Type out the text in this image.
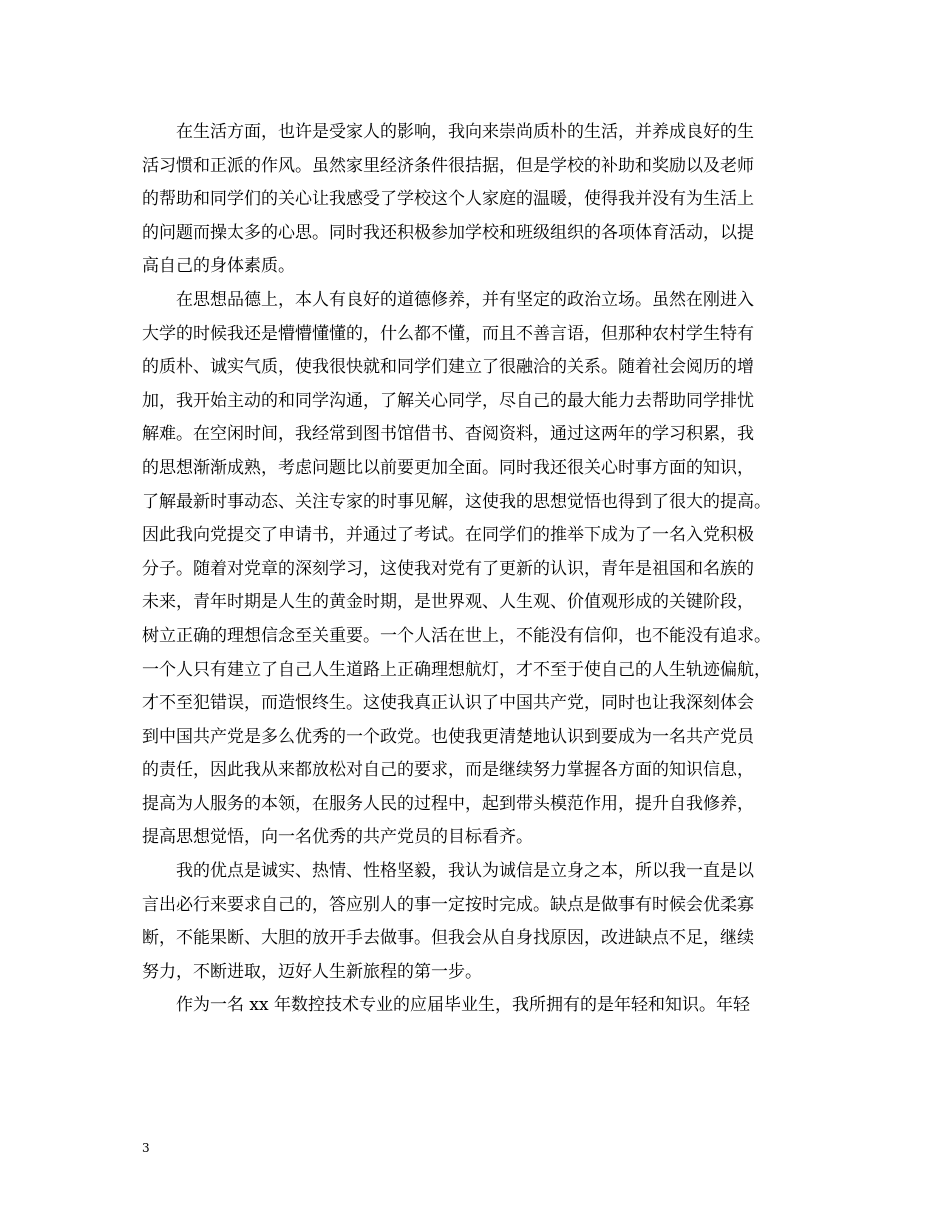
在生活方面，也许是受家人的影响，我向来崇尚质朴的生活，并养成良好的生
活习惯和正派的作风。虽然家里经济条件很拮据，但是学校的补助和奖励以及老师
的帮助和同学们的关心让我感受了学校这个人家庭的温暖，使得我并没有为生活上
的问题而操太多的心思。同时我还积极参加学校和班级组织的各项体育活动，以提
高自己的身体素质。
在思想品德上，本人有良好的道德修养，并有坚定的政治立场。虽然在刚进入
大学的时候我还是懵懵懂懂的，什么都不懂，而且不善言语，但那种农村学生特有
的质朴、诚实气质，使我很快就和同学们建立了很融洽的关系。随着社会阅历的增
加，我开始主动的和同学沟通，了解关心同学，尽自己的最大能力去帮助同学排忧
解难。在空闲时间，我经常到图书馆借书、杳阅资料，通过这两年的学习积累，我
的思想渐渐成熟，考虑问题比以前要更加全面。同时我还很关心时事方面的知识，
了解最新时事动态、关注专家的时事见解，这使我的思想觉悟也得到了很大的提高。
因此我向党提交了申请书，并通过了考试。在同学们的推举下成为了一名入党积极
分子。随着对党章的深刻学习，这使我对党有了更新的认识，青年是祖国和名族的
未来，青年时期是人生的黄金时期，是世界观、人生观、价值观形成的关键阶段，
树立正确的理想信念至关重要。一个人活在世上，不能没有信仰，也不能没有追求。
一个人只有建立了自己人生道路上正确理想航灯，才不至于使自己的人生轨迹偏航，
才不至犯错误，而造恨终生。这使我真正认识了中国共产党，同时也让我深刻体会
到中国共产党是多么优秀的一个政党。也使我更清楚地认识到要成为一名共产党员
的责任，因此我从来都放松对自己的要求，而是继续努力掌握各方面的知识信息，
提高为人服务的本领，在服务人民的过程中，起到带头模范作用，提升自我修养，
提高思想觉悟，向一名优秀的共产党员的目标看齐。
我的优点是诚实、热情、性格坚毅，我认为诚信是立身之本，所以我一直是以
言出必行来要求自己的，答应别人的事一定按时完成。缺点是做事有时候会优柔寡
断，不能果断、大胆的放开手去做事。但我会从自身找原因，改进缺点不足，继续
努力，不断进取，迈好人生新旅程的第一步。
作为一名 xx 年数控技术专业的应届毕业生，我所拥有的是年轻和知识。年轻
3
